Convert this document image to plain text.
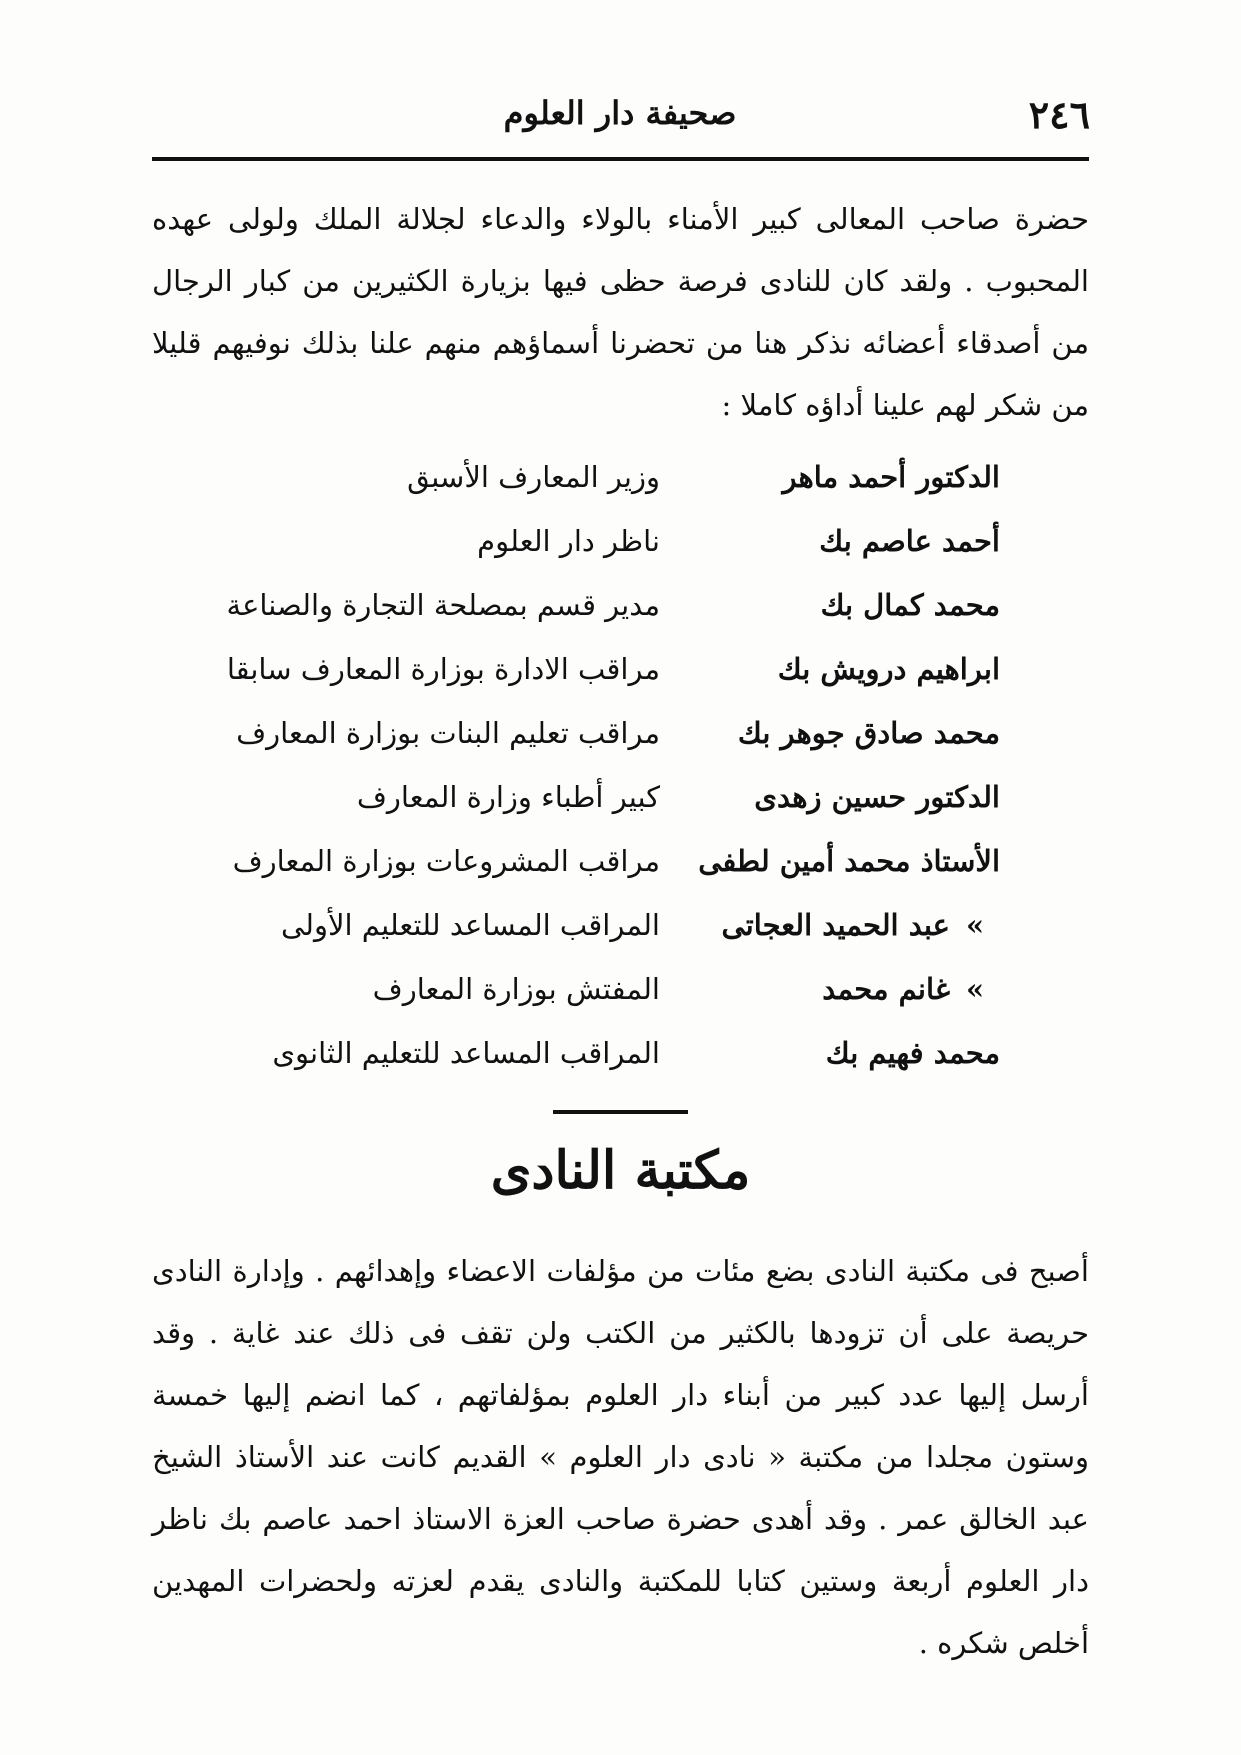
٢٤٦
صحيفة دار العلوم

حضرة صاحب المعالى كبير الأمناء بالولاء والدعاء لجلالة الملك ولولى عهده المحبوب . ولقد كان للنادى فرصة حظى فيها بزيارة الكثيرين من كبار الرجال من أصدقاء أعضائه نذكر هنا من تحضرنا أسماؤهم منهم علنا بذلك نوفيهم قليلا من شكر لهم علينا أداؤه كاملا :

الدكتور أحمد ماهر
وزير المعارف الأسبق
أحمد عاصم بك
ناظر دار العلوم
محمد كمال بك
مدير قسم بمصلحة التجارة والصناعة
ابراهيم درويش بك
مراقب الادارة بوزارة المعارف سابقا
محمد صادق جوهر بك
مراقب تعليم البنات بوزارة المعارف
الدكتور حسين زهدى
كبير أطباء وزارة المعارف
الأستاذ محمد أمين لطفى
مراقب المشروعات بوزارة المعارف
»عبد الحميد العجاتى
المراقب المساعد للتعليم الأولى
»غانم محمد
المفتش بوزارة المعارف
محمد فهيم بك
المراقب المساعد للتعليم الثانوى
مكتبة النادى

أصبح فى مكتبة النادى بضع مئات من مؤلفات الاعضاء وإهدائهم . وإدارة النادى حريصة على أن تزودها بالكثير من الكتب ولن تقف فى ذلك عند غاية . وقد أرسل إليها عدد كبير من أبناء دار العلوم بمؤلفاتهم ، كما انضم إليها خمسة وستون مجلدا من مكتبة « نادى دار العلوم » القديم كانت عند الأستاذ الشيخ عبد الخالق عمر . وقد أهدى حضرة صاحب العزة الاستاذ احمد عاصم بك ناظر دار العلوم أربعة وستين كتابا للمكتبة والنادى يقدم لعزته ولحضرات المهدين أخلص شكره .
